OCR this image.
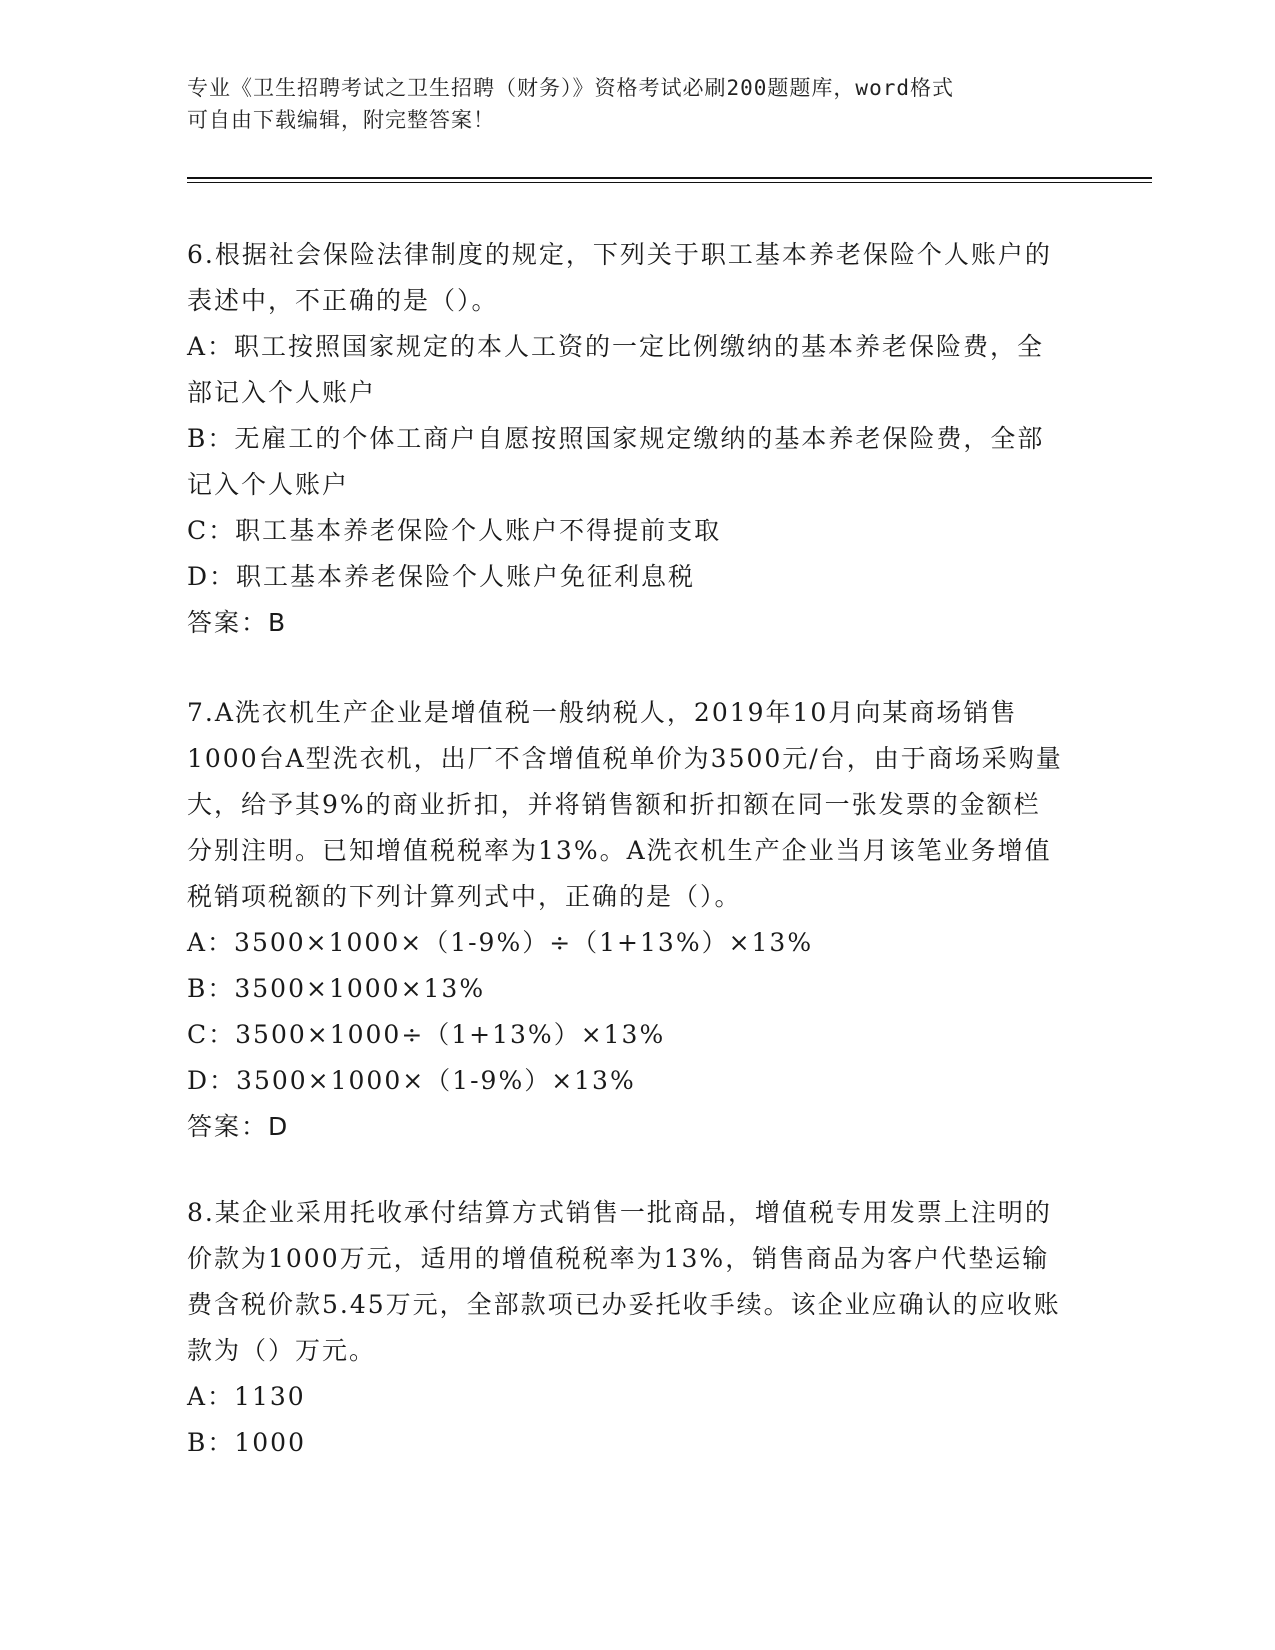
专业《卫生招聘考试之卫生招聘（财务）》资格考试必刷200题题库，word格式
可自由下载编辑，附完整答案！

6.根据社会保险法律制度的规定，下列关于职工基本养老保险个人账户的表述中，不正确的是（）。

A：职工按照国家规定的本人工资的一定比例缴纳的基本养老保险费，全部记入个人账户

B：无雇工的个体工商户自愿按照国家规定缴纳的基本养老保险费，全部记入个人账户

C：职工基本养老保险个人账户不得提前支取

D：职工基本养老保险个人账户免征利息税

答案：B

7.A洗衣机生产企业是增值税一般纳税人，2019年10月向某商场销售1000台A型洗衣机，出厂不含增值税单价为3500元/台，由于商场采购量大，给予其9%的商业折扣，并将销售额和折扣额在同一张发票的金额栏分别注明。已知增值税税率为13%。A洗衣机生产企业当月该笔业务增值税销项税额的下列计算列式中，正确的是（）。

A：3500×1000×（1-9%）÷（1+13%）×13%

B：3500×1000×13%

C：3500×1000÷（1+13%）×13%

D：3500×1000×（1-9%）×13%

答案：D

8.某企业采用托收承付结算方式销售一批商品，增值税专用发票上注明的价款为1000万元，适用的增值税税率为13%，销售商品为客户代垫运输费含税价款5.45万元，全部款项已办妥托收手续。该企业应确认的应收账款为（）万元。

A：1130

B：1000
